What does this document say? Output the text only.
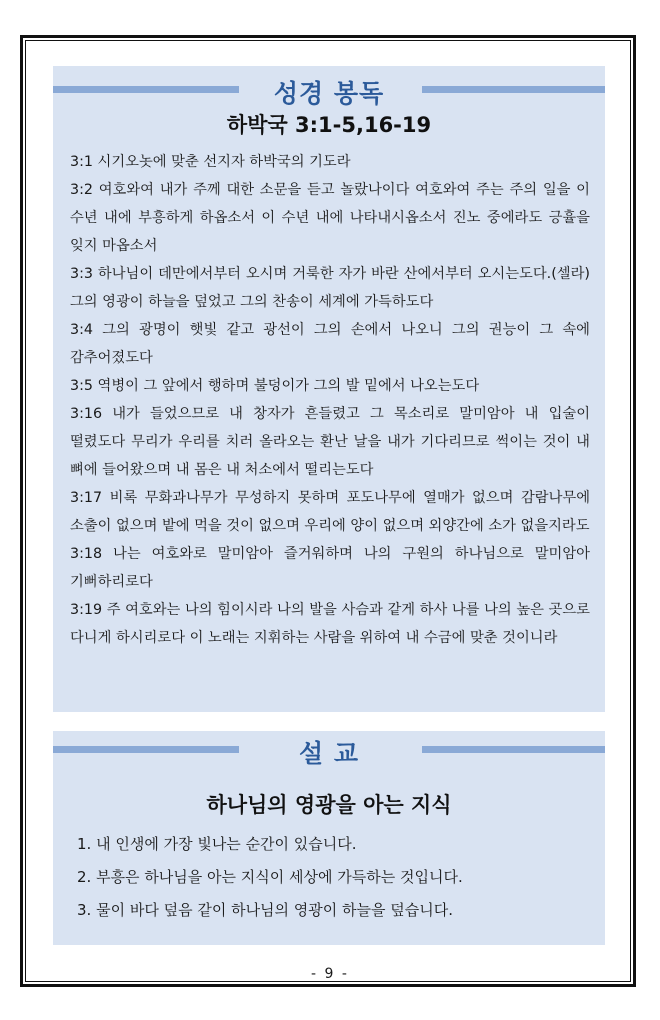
성경 봉독
하박국 3:1-5,16-19
3:1 시기오놋에 맞춘 선지자 하박국의 기도라
3:2 여호와여 내가 주께 대한 소문을 듣고 놀랐나이다 여호와여 주는 주의 일을 이 수년 내에 부흥하게 하옵소서 이 수년 내에 나타내시옵소서 진노 중에라도 긍휼을 잊지 마옵소서
3:3 하나님이 데만에서부터 오시며 거룩한 자가 바란 산에서부터 오시는도다.(셀라) 그의 영광이 하늘을 덮었고 그의 찬송이 세계에 가득하도다
3:4 그의 광명이 햇빛 같고 광선이 그의 손에서 나오니 그의 권능이 그 속에 감추어졌도다
3:5 역병이 그 앞에서 행하며 불덩이가 그의 발 밑에서 나오는도다
3:16 내가 들었으므로 내 창자가 흔들렸고 그 목소리로 말미암아 내 입술이 떨렸도다 무리가 우리를 치러 올라오는 환난 날을 내가 기다리므로 썩이는 것이 내 뼈에 들어왔으며 내 몸은 내 처소에서 떨리는도다
3:17 비록 무화과나무가 무성하지 못하며 포도나무에 열매가 없으며 감람나무에 소출이 없으며 밭에 먹을 것이 없으며 우리에 양이 없으며 외양간에 소가 없을지라도
3:18 나는 여호와로 말미암아 즐거워하며 나의 구원의 하나님으로 말미암아 기뻐하리로다
3:19 주 여호와는 나의 힘이시라 나의 발을 사슴과 같게 하사 나를 나의 높은 곳으로 다니게 하시리로다 이 노래는 지휘하는 사람을 위하여 내 수금에 맞춘 것이니라
설 교
하나님의 영광을 아는 지식
1. 내 인생에 가장 빛나는 순간이 있습니다.
2. 부흥은 하나님을 아는 지식이 세상에 가득하는 것입니다.
3. 물이 바다 덮음 같이 하나님의 영광이 하늘을 덮습니다.
- 9 -
